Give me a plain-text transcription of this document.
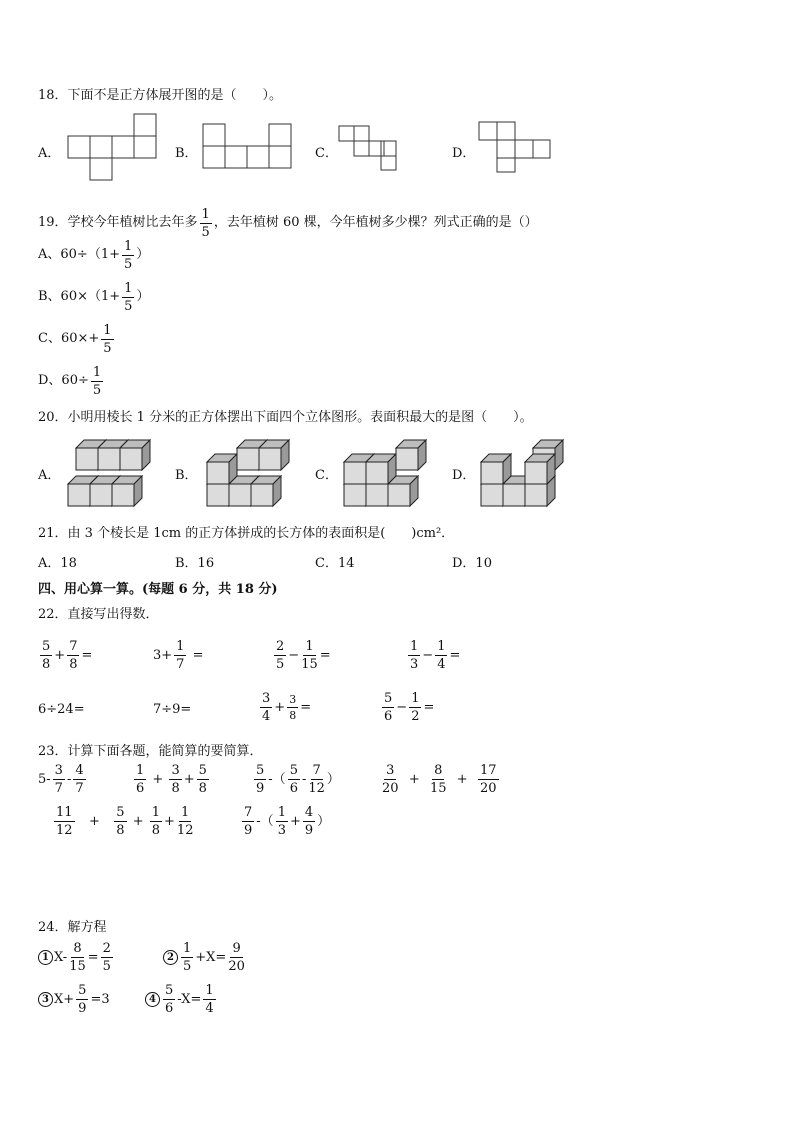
18．下面不是正方体展开图的是（　　）。
A．	B．	C．	D．
19．学校今年植树比去年多 $\frac{1}{5}$ ，去年植树 60 棵，今年植树多少棵？列式正确的是（）
A、$60\div(1+ \frac{1}{5}$ ）
B、$60\times(1+ \frac{1}{5}$ ）
C、$60\times+ \frac{1}{5}$
D、$60\div \frac{1}{5}$
20．小明用棱长 1 分米的正方体摆出下面四个立体图形。表面积最大的是图（　　）。
A．	B．	C．	D．
21．由 3 个棱长是 1cm 的正方体拼成的长方体的表面积是(　　)cm²．
A．18	B．16	C．14	D．10
四、用心算一算。(每题 6 分，共 18 分)
22．直接写出得数．
$\frac{5}{8} + \frac{7}{8}$ =	$3+ \frac{1}{7}$ =	$\frac{2}{5} - \frac{1}{15}$ =	$\frac{1}{3} - \frac{1}{4}$ =
6÷24=	7÷9=	$\frac{3}{4} + \frac{3}{8}$ =	$\frac{5}{6} - \frac{1}{2}$ =
23．计算下面各题，能简算的要简算．
$5- \frac{3}{7} - \frac{4}{7}$	$\frac{1}{6} + \frac{3}{8} + \frac{5}{8}$	$\frac{5}{9}$ -（ $\frac{5}{6} - \frac{7}{12}$ ）	$\frac{3}{20} + \frac{8}{15} + \frac{17}{20}$
$\frac{11}{12} + \frac{5}{8} + \frac{1}{8} + \frac{1}{12}$	$\frac{7}{9}$ -（ $\frac{1}{3} + \frac{4}{9}$ ）
24．解方程
1 $X- \frac{8}{15} = \frac{2}{5}$	$2 \frac{1}{5} +X= \frac{9}{20}$
3 $X+ \frac{5}{9} =3$	$4 \frac{5}{6} -X= \frac{1}{4}$
